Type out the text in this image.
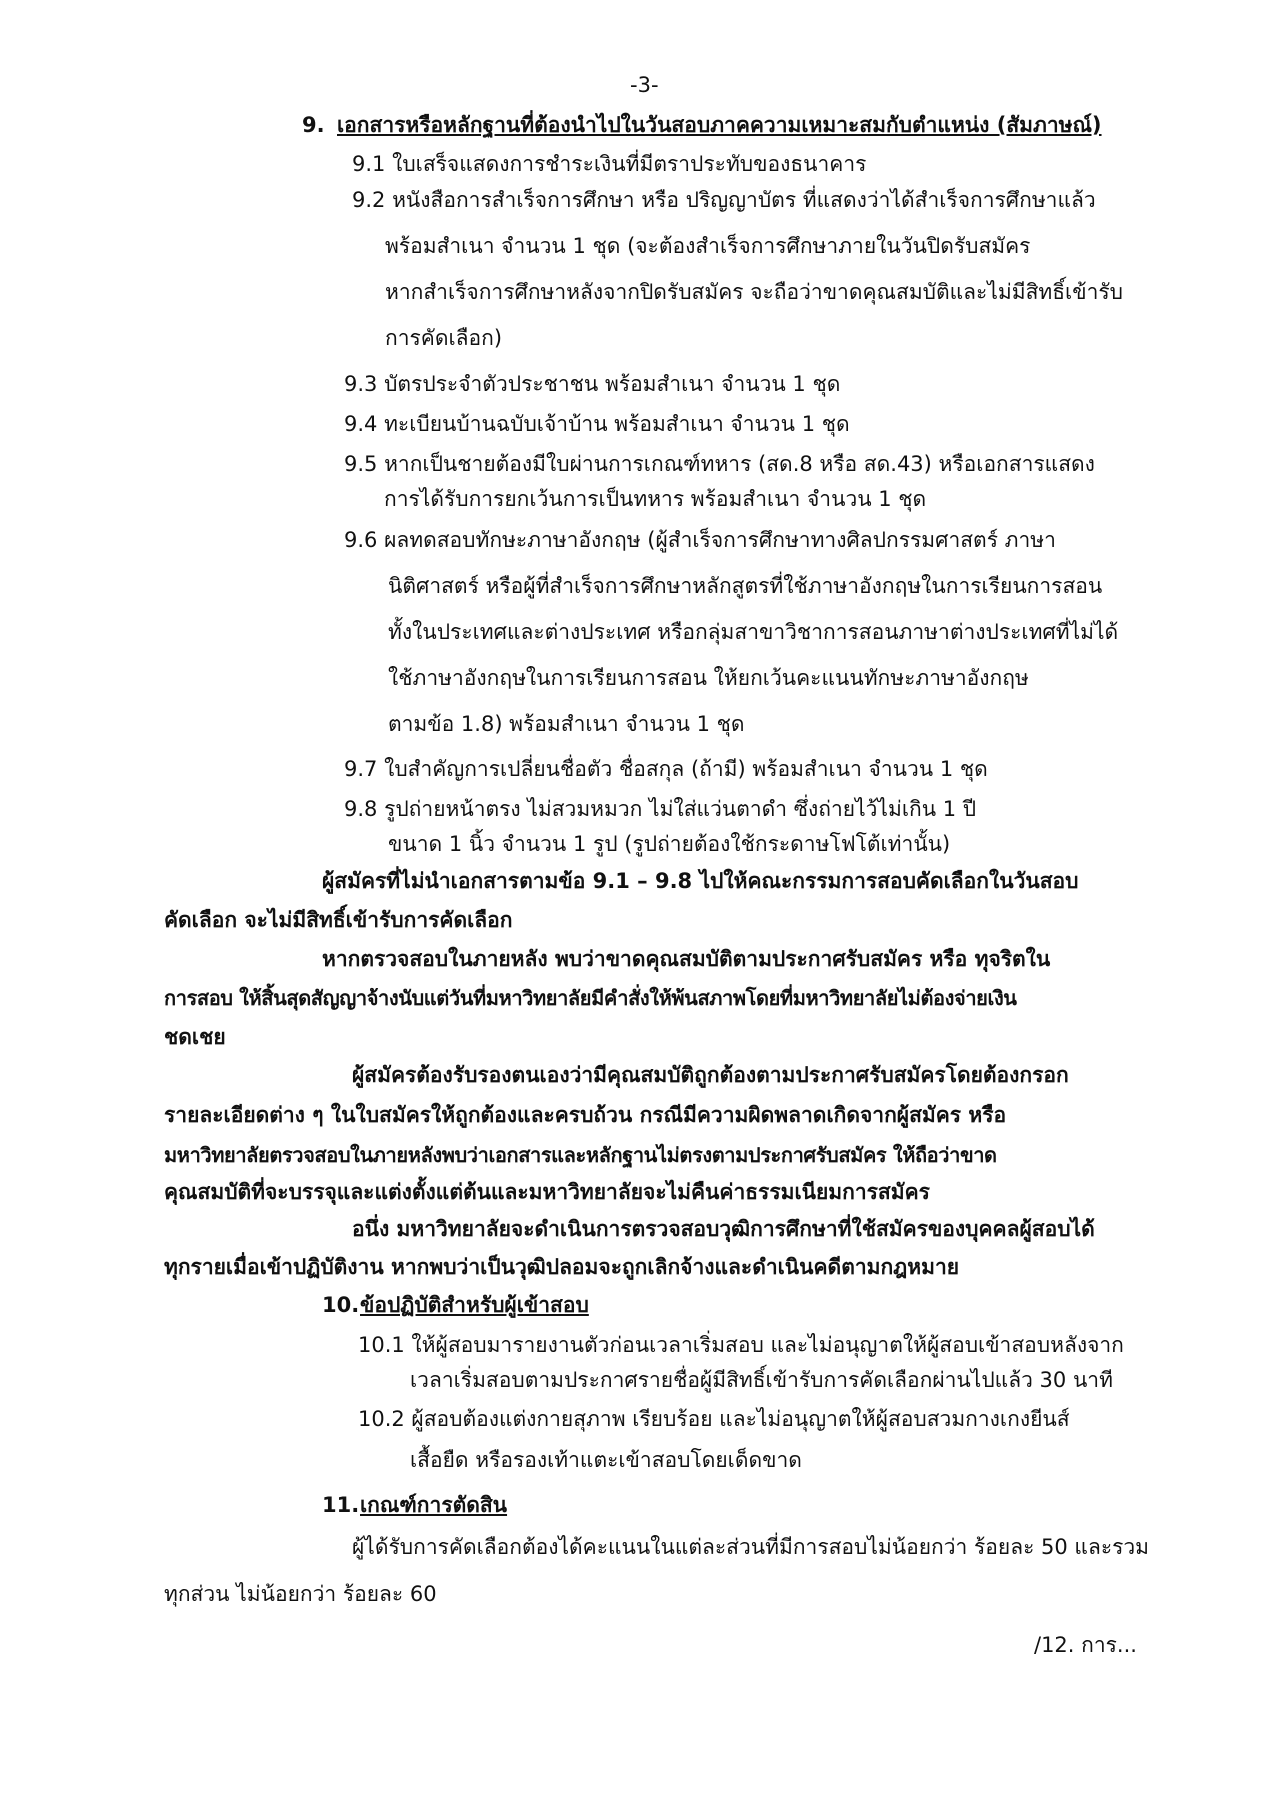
-3-
9. เอกสารหรือหลักฐานที่ต้องนำไปในวันสอบภาคความเหมาะสมกับตำแหน่ง (สัมภาษณ์)
9.1 ใบเสร็จแสดงการชำระเงินที่มีตราประทับของธนาคาร
9.2 หนังสือการสำเร็จการศึกษา หรือ ปริญญาบัตร ที่แสดงว่าได้สำเร็จการศึกษาแล้ว
พร้อมสำเนา จำนวน 1 ชุด (จะต้องสำเร็จการศึกษาภายในวันปิดรับสมัคร
หากสำเร็จการศึกษาหลังจากปิดรับสมัคร จะถือว่าขาดคุณสมบัติและไม่มีสิทธิ์เข้ารับ
การคัดเลือก)
9.3 บัตรประจำตัวประชาชน พร้อมสำเนา จำนวน 1 ชุด
9.4 ทะเบียนบ้านฉบับเจ้าบ้าน พร้อมสำเนา จำนวน 1 ชุด
9.5 หากเป็นชายต้องมีใบผ่านการเกณฑ์ทหาร (สด.8 หรือ สด.43) หรือเอกสารแสดง
การได้รับการยกเว้นการเป็นทหาร พร้อมสำเนา จำนวน 1 ชุด
9.6 ผลทดสอบทักษะภาษาอังกฤษ (ผู้สำเร็จการศึกษาทางศิลปกรรมศาสตร์ ภาษา
นิติศาสตร์ หรือผู้ที่สำเร็จการศึกษาหลักสูตรที่ใช้ภาษาอังกฤษในการเรียนการสอน
ทั้งในประเทศและต่างประเทศ หรือกลุ่มสาขาวิชาการสอนภาษาต่างประเทศที่ไม่ได้
ใช้ภาษาอังกฤษในการเรียนการสอน ให้ยกเว้นคะแนนทักษะภาษาอังกฤษ
ตามข้อ 1.8) พร้อมสำเนา จำนวน 1 ชุด
9.7 ใบสำคัญการเปลี่ยนชื่อตัว ชื่อสกุล (ถ้ามี) พร้อมสำเนา จำนวน 1 ชุด
9.8 รูปถ่ายหน้าตรง ไม่สวมหมวก ไม่ใส่แว่นตาดำ ซึ่งถ่ายไว้ไม่เกิน 1 ปี
ขนาด 1 นิ้ว จำนวน 1 รูป (รูปถ่ายต้องใช้กระดาษโฟโต้เท่านั้น)
ผู้สมัครที่ไม่นำเอกสารตามข้อ 9.1 – 9.8 ไปให้คณะกรรมการสอบคัดเลือกในวันสอบ
คัดเลือก จะไม่มีสิทธิ์เข้ารับการคัดเลือก
หากตรวจสอบในภายหลัง พบว่าขาดคุณสมบัติตามประกาศรับสมัคร หรือ ทุจริตใน
การสอบ ให้สิ้นสุดสัญญาจ้างนับแต่วันที่มหาวิทยาลัยมีคำสั่งให้พ้นสภาพโดยที่มหาวิทยาลัยไม่ต้องจ่ายเงิน
ชดเชย
ผู้สมัครต้องรับรองตนเองว่ามีคุณสมบัติถูกต้องตามประกาศรับสมัครโดยต้องกรอก
รายละเอียดต่าง ๆ ในใบสมัครให้ถูกต้องและครบถ้วน กรณีมีความผิดพลาดเกิดจากผู้สมัคร หรือ
มหาวิทยาลัยตรวจสอบในภายหลังพบว่าเอกสารและหลักฐานไม่ตรงตามประกาศรับสมัคร ให้ถือว่าขาด
คุณสมบัติที่จะบรรจุและแต่งตั้งแต่ต้นและมหาวิทยาลัยจะไม่คืนค่าธรรมเนียมการสมัคร
อนึ่ง มหาวิทยาลัยจะดำเนินการตรวจสอบวุฒิการศึกษาที่ใช้สมัครของบุคคลผู้สอบได้
ทุกรายเมื่อเข้าปฏิบัติงาน หากพบว่าเป็นวุฒิปลอมจะถูกเลิกจ้างและดำเนินคดีตามกฎหมาย
10. ข้อปฏิบัติสำหรับผู้เข้าสอบ
10.1 ให้ผู้สอบมารายงานตัวก่อนเวลาเริ่มสอบ และไม่อนุญาตให้ผู้สอบเข้าสอบหลังจาก
เวลาเริ่มสอบตามประกาศรายชื่อผู้มีสิทธิ์เข้ารับการคัดเลือกผ่านไปแล้ว 30 นาที
10.2 ผู้สอบต้องแต่งกายสุภาพ เรียบร้อย และไม่อนุญาตให้ผู้สอบสวมกางเกงยีนส์
เสื้อยืด หรือรองเท้าแตะเข้าสอบโดยเด็ดขาด
11. เกณฑ์การตัดสิน
ผู้ได้รับการคัดเลือกต้องได้คะแนนในแต่ละส่วนที่มีการสอบไม่น้อยกว่า ร้อยละ 50 และรวม
ทุกส่วน ไม่น้อยกว่า ร้อยละ 60
/12. การ...
